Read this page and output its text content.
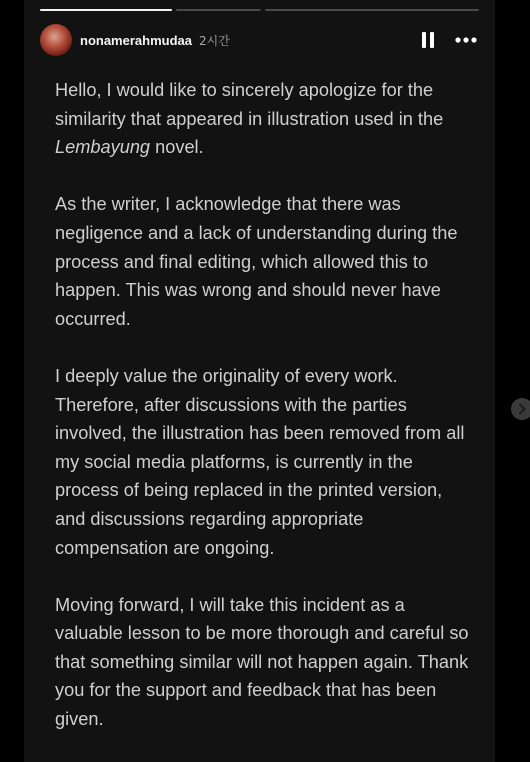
nonamerahmudaa 2시간

Hello, I would like to sincerely apologize for the similarity that appeared in illustration used in the Lembayung novel.

As the writer, I acknowledge that there was negligence and a lack of understanding during the process and final editing, which allowed this to happen. This was wrong and should never have occurred.

I deeply value the originality of every work. Therefore, after discussions with the parties involved, the illustration has been removed from all my social media platforms, is currently in the process of being replaced in the printed version, and discussions regarding appropriate compensation are ongoing.

Moving forward, I will take this incident as a valuable lesson to be more thorough and careful so that something similar will not happen again. Thank you for the support and feedback that has been given.
